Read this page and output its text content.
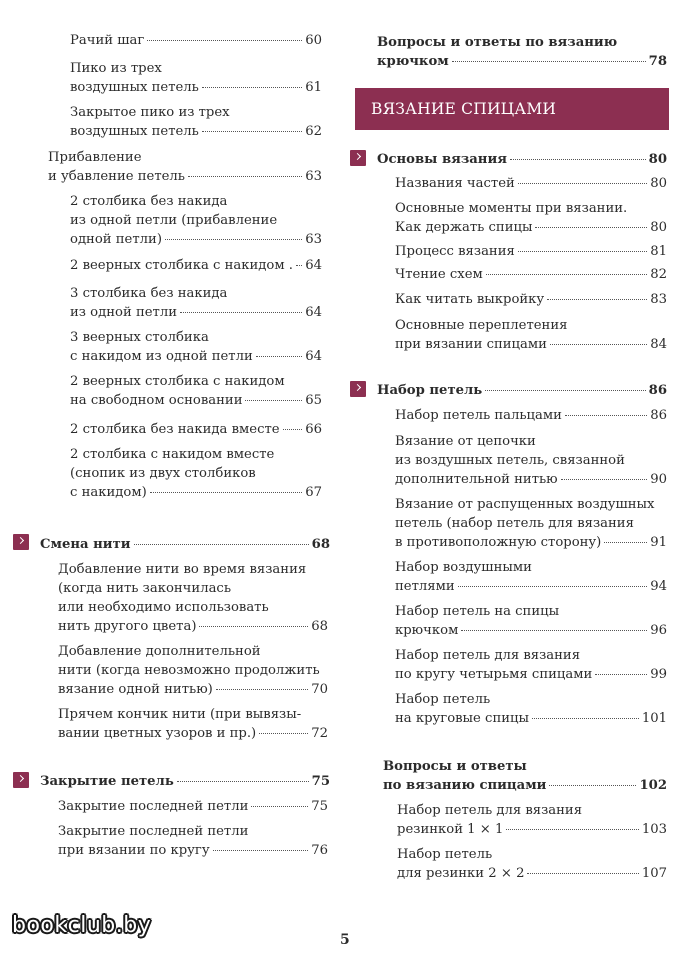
Рачий шаг	60
Пико из трех
воздушных петель	61
Закрытое пико из трех
воздушных петель	62
Прибавление
и убавление петель	63
2 столбика без накида
из одной петли (прибавление
одной петли)	63
2 веерных столбика с накидом . 64
3 столбика без накида
из одной петли	64
3 веерных столбика
с накидом из одной петли	64
2 веерных столбика с накидом
на свободном основании	65
2 столбика без накида вместе 66
2 столбика с накидом вместе
(снопик из двух столбиков
с накидом)	67
Смена нити	68
Добавление нити во время вязания
(когда нить закончилась
или необходимо использовать
нить другого цвета)	68
Добавление дополнительной
нити (когда невозможно продолжить
вязание одной нитью)	70
Прячем кончик нити (при вывязы-
вании цветных узоров и пр.)	72
Закрытие петель	75
Закрытие последней петли	75
Закрытие последней петли
при вязании по кругу	76
Вопросы и ответы по вязанию
крючком	78
Основы вязания	80
Названия частей	80
Основные моменты при вязании.
Как держать спицы	80
Процесс вязания	81
Чтение схем	82
Как читать выкройку	83
Основные переплетения
при вязании спицами	84
Набор петель	86
Набор петель пальцами	86
Вязание от цепочки
из воздушных петель, связанной
дополнительной нитью	90
Вязание от распущенных воздушных
петель (набор петель для вязания
в противоположную сторону)	91
Набор воздушными
петлями	94
Набор петель на спицы
крючком	96
Набор петель для вязания
по кругу четырьмя спицами	99
Набор петель
на круговые спицы	101
Вопросы и ответы
по вязанию спицами	102
Набор петель для вязания
резинкой 1 × 1	103
Набор петель
для резинки 2 × 2	107
ВЯЗАНИЕ СПИЦАМИ
bookclub.by
5
